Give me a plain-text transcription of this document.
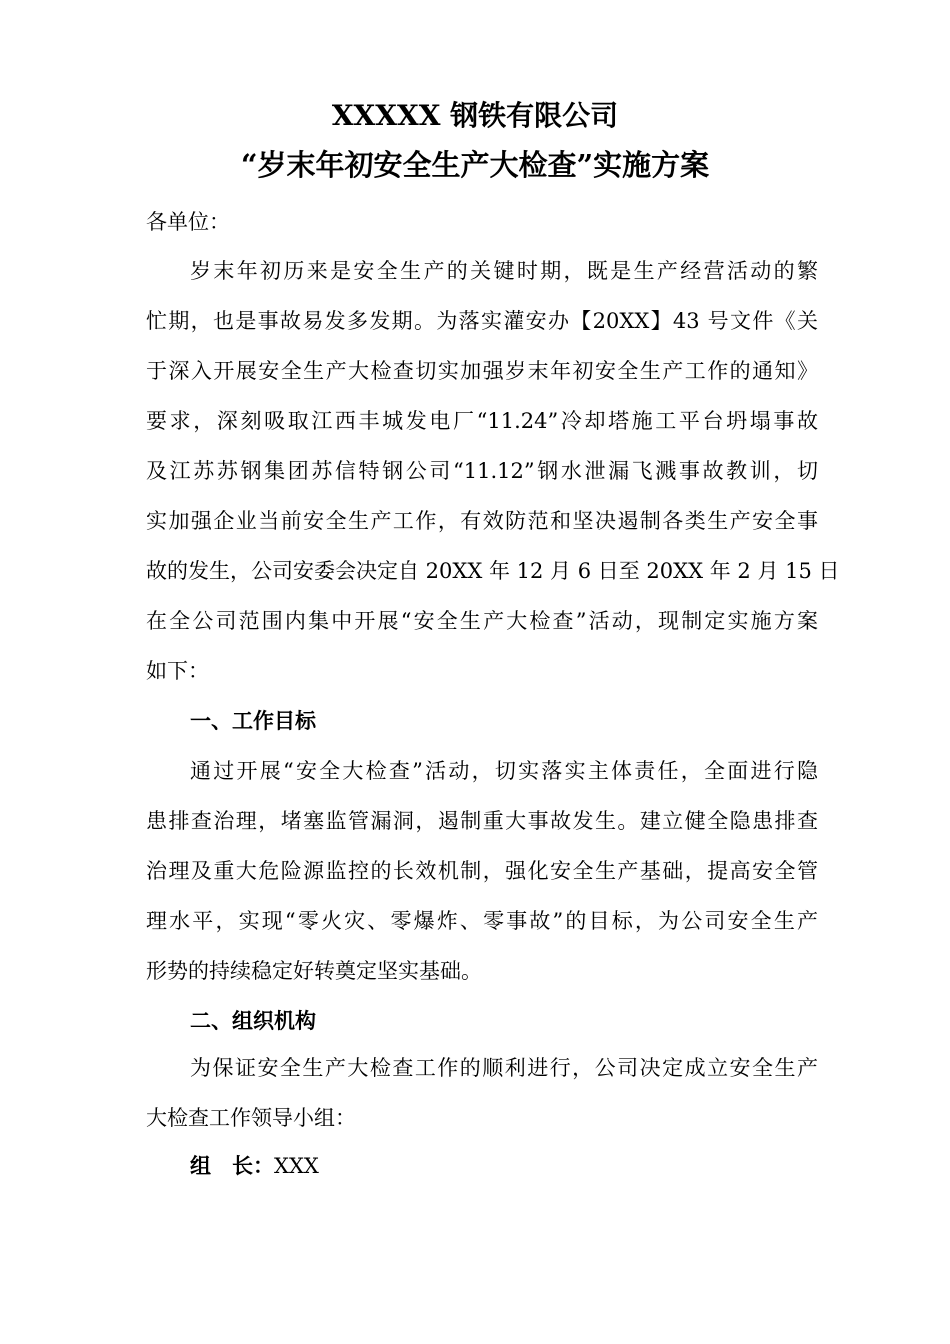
XXXXX 钢铁有限公司
“岁末年初安全生产大检查”实施方案
各单位：
岁末年初历来是安全生产的关键时期，既是生产经营活动的繁
忙期，也是事故易发多发期。为落实灌安办【20XX】43 号文件《关
于深入开展安全生产大检查切实加强岁末年初安全生产工作的通知》
要求，深刻吸取江西丰城发电厂“11.24”冷却塔施工平台坍塌事故
及江苏苏钢集团苏信特钢公司“11.12”钢水泄漏飞溅事故教训，切
实加强企业当前安全生产工作，有效防范和坚决遏制各类生产安全事
故的发生，公司安委会决定自 20XX 年 12 月 6 日至 20XX 年 2 月 15 日
在全公司范围内集中开展“安全生产大检查”活动，现制定实施方案
如下：
一、工作目标
通过开展“安全大检查”活动，切实落实主体责任，全面进行隐
患排查治理，堵塞监管漏洞，遏制重大事故发生。建立健全隐患排查
治理及重大危险源监控的长效机制，强化安全生产基础，提高安全管
理水平，实现“零火灾、零爆炸、零事故”的目标，为公司安全生产
形势的持续稳定好转奠定坚实基础。
二、组织机构
为保证安全生产大检查工作的顺利进行，公司决定成立安全生产
大检查工作领导小组：
组　长：XXX
